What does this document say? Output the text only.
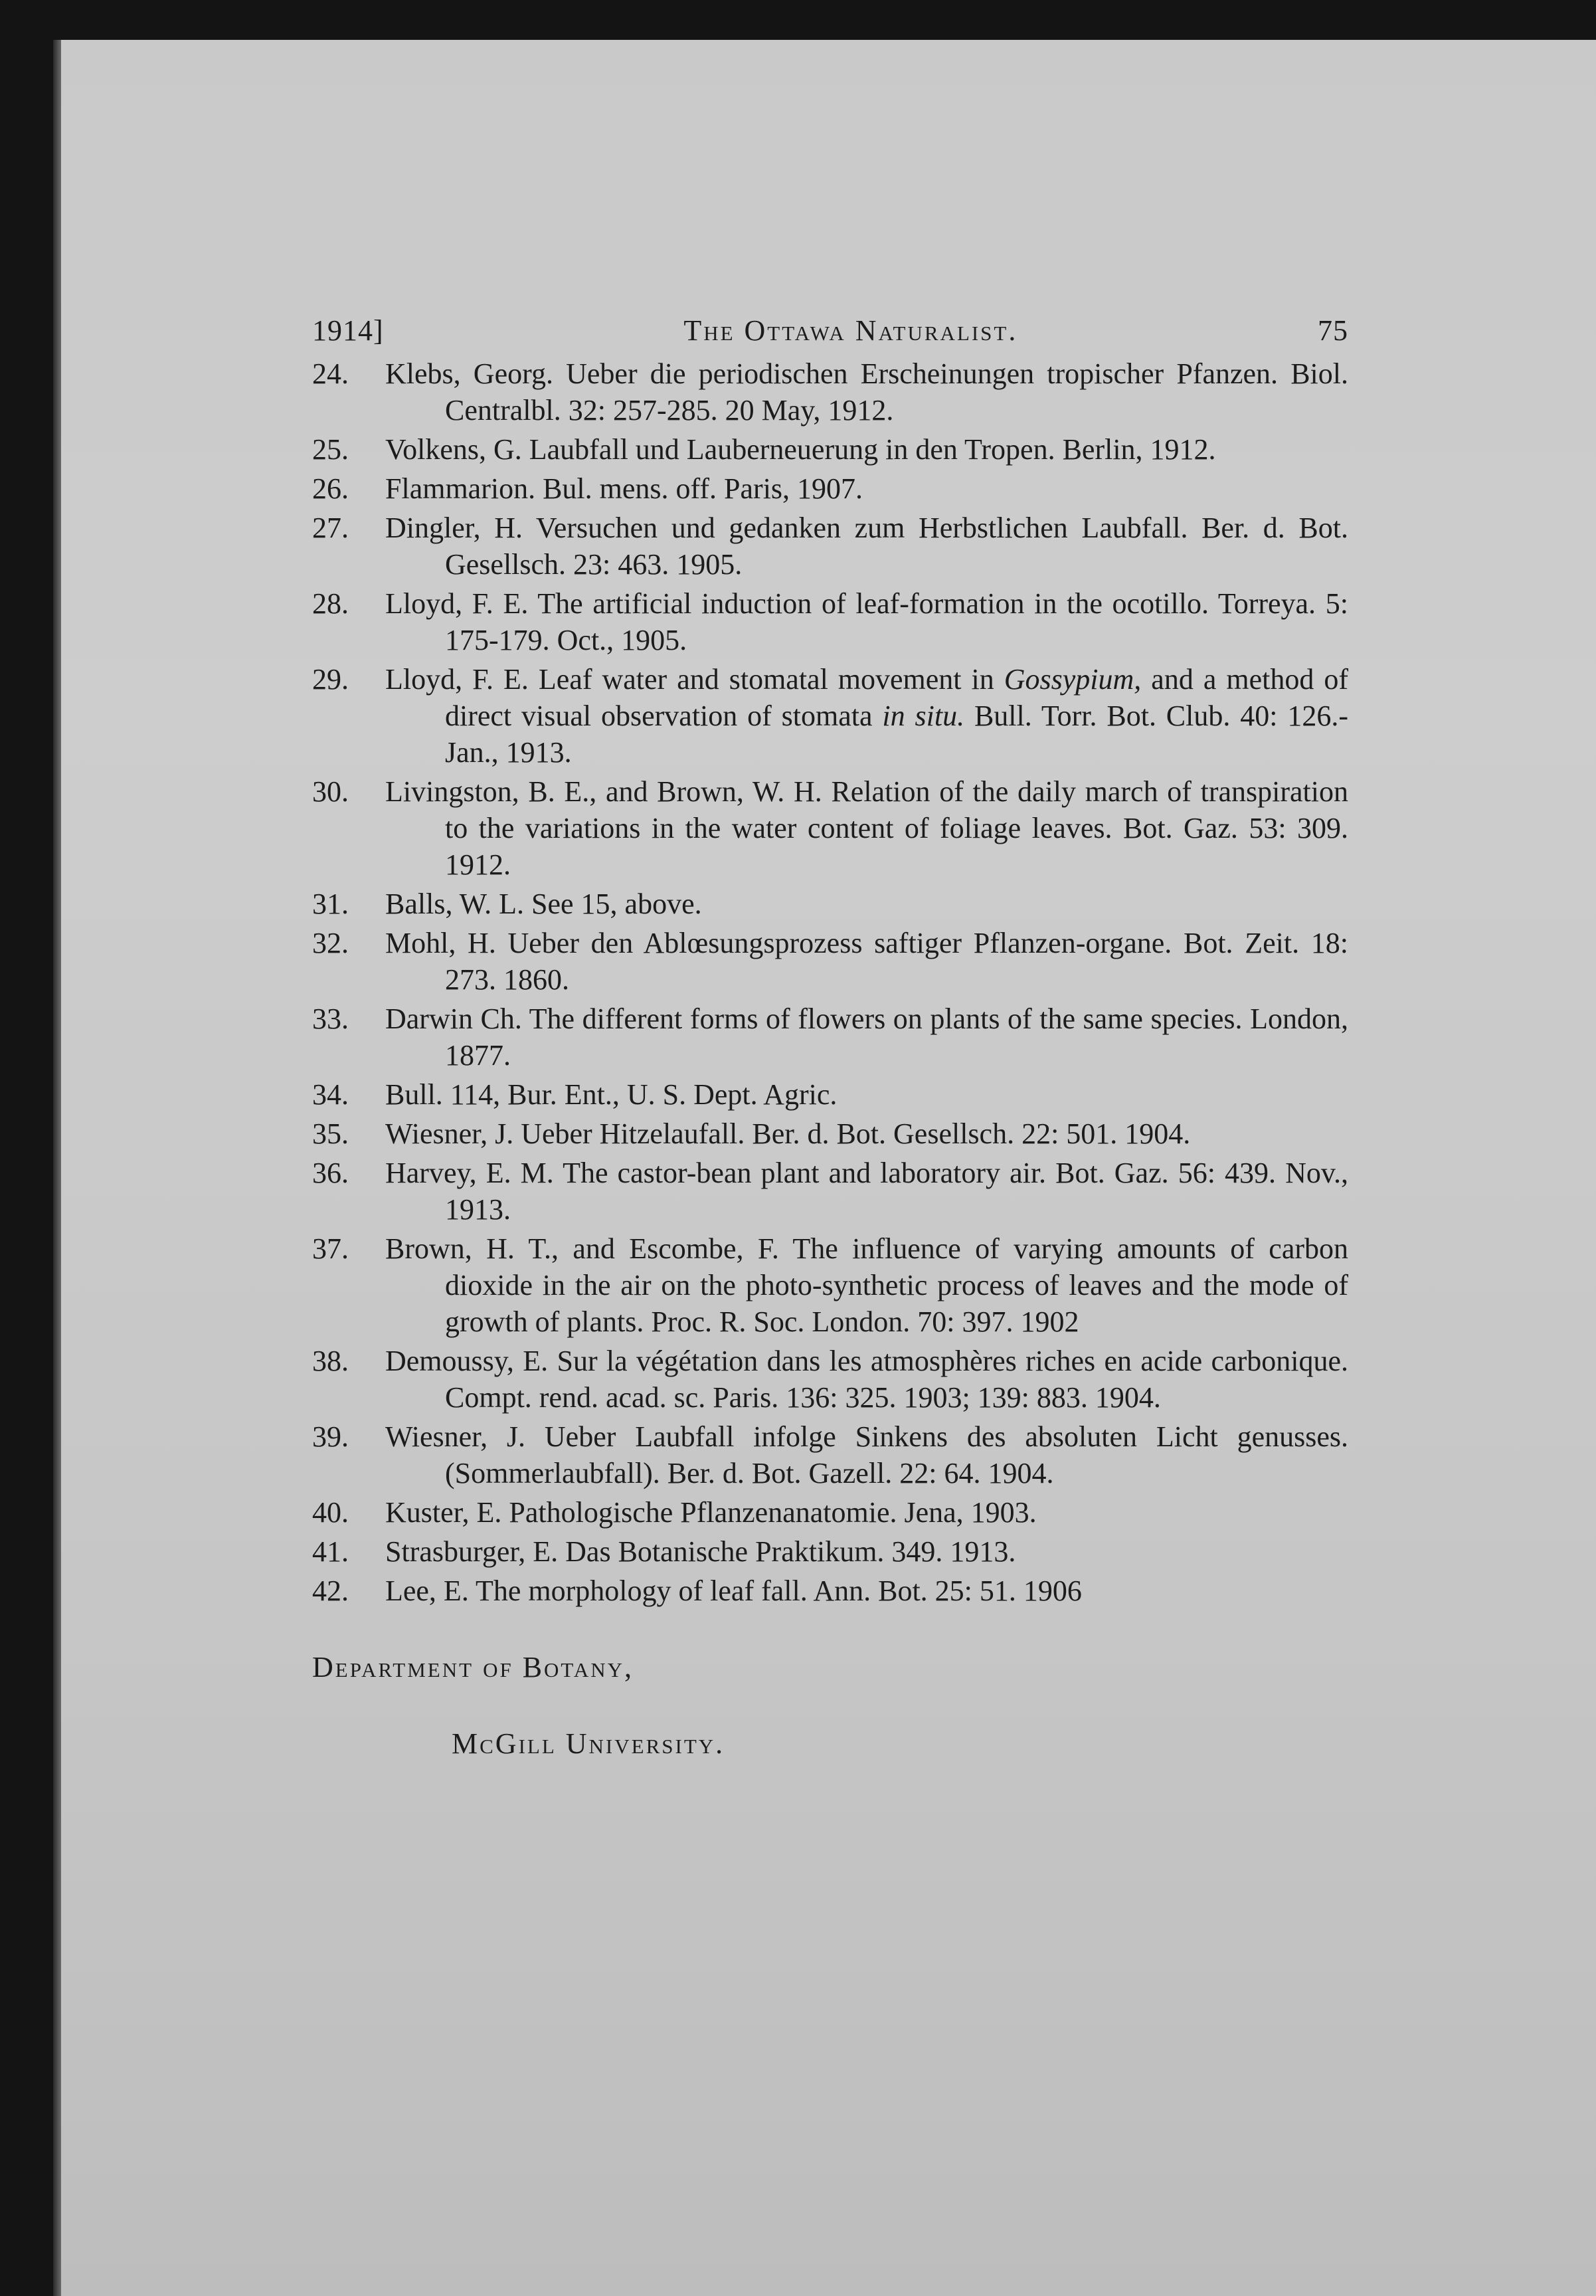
1914]	The Ottawa Naturalist.	75
24.	Klebs, Georg. Ueber die periodischen Erscheinungen tropischer Pfanzen. Biol. Centralbl. 32: 257-285. 20 May, 1912.
25.	Volkens, G. Laubfall und Lauberneuerung in den Tropen. Berlin, 1912.
26.	Flammarion. Bul. mens. off. Paris, 1907.
27.	Dingler, H. Versuchen und gedanken zum Herbstlichen Laubfall. Ber. d. Bot. Gesellsch. 23: 463. 1905.
28.	Lloyd, F. E. The artificial induction of leaf-formation in the ocotillo. Torreya. 5: 175-179. Oct., 1905.
29.	Lloyd, F. E. Leaf water and stomatal movement in Gossypium, and a method of direct visual observation of stomata in situ. Bull. Torr. Bot. Club. 40: 126.- Jan., 1913.
30.	Livingston, B. E., and Brown, W. H. Relation of the daily march of transpiration to the variations in the water content of foliage leaves. Bot. Gaz. 53: 309. 1912.
31.	Balls, W. L. See 15, above.
32.	Mohl, H. Ueber den Ablœsungsprozess saftiger Pflanzen-organe. Bot. Zeit. 18: 273. 1860.
33.	Darwin Ch. The different forms of flowers on plants of the same species. London, 1877.
34.	Bull. 114, Bur. Ent., U. S. Dept. Agric.
35.	Wiesner, J. Ueber Hitzelaufall. Ber. d. Bot. Gesellsch. 22: 501. 1904.
36.	Harvey, E. M. The castor-bean plant and laboratory air. Bot. Gaz. 56: 439. Nov., 1913.
37.	Brown, H. T., and Escombe, F. The influence of varying amounts of carbon dioxide in the air on the photo-synthetic process of leaves and the mode of growth of plants. Proc. R. Soc. London. 70: 397. 1902
38.	Demoussy, E. Sur la végétation dans les atmosphères riches en acide carbonique. Compt. rend. acad. sc. Paris. 136: 325. 1903; 139: 883. 1904.
39.	Wiesner, J. Ueber Laubfall infolge Sinkens des absoluten Licht genusses. (Sommerlaubfall). Ber. d. Bot. Gazell. 22: 64. 1904.
40.	Kuster, E. Pathologische Pflanzenanatomie. Jena, 1903.
41.	Strasburger, E. Das Botanische Praktikum. 349. 1913.
42.	Lee, E. The morphology of leaf fall. Ann. Bot. 25: 51. 1906
Department of Botany,
McGill University.
